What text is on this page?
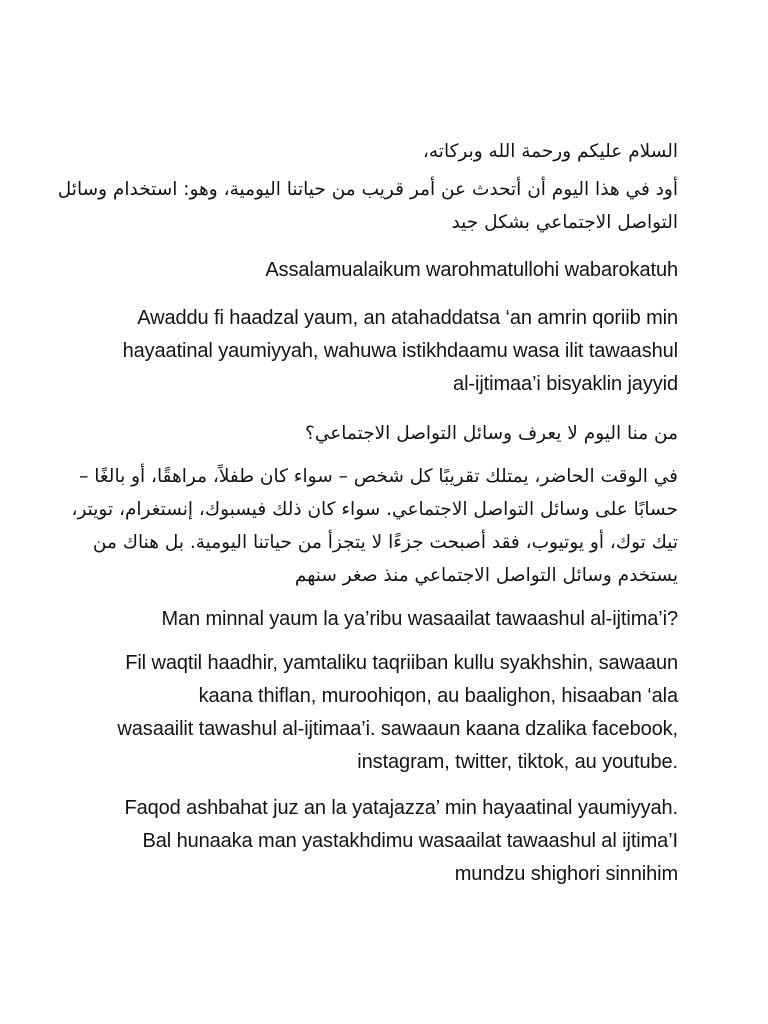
السلام عليكم ورحمة الله وبركاته،

أود في هذا اليوم أن أتحدث عن أمر قريب من حياتنا اليومية، وهو: استخدام وسائل
التواصل الاجتماعي بشكل جيد

Assalamualaikum warohmatullohi wabarokatuh

Awaddu fi haadzal yaum, an atahaddatsa ‘an amrin qoriib min
hayaatinal yaumiyyah, wahuwa istikhdaamu wasa ilit tawaashul
al-ijtimaa’i bisyaklin jayyid

من منا اليوم لا يعرف وسائل التواصل الاجتماعي؟

في الوقت الحاضر، يمتلك تقريبًا كل شخص – سواء كان طفلاً، مراهقًا، أو بالغًا –
حسابًا على وسائل التواصل الاجتماعي. سواء كان ذلك فيسبوك، إنستغرام، تويتر،
تيك توك، أو يوتيوب، فقد أصبحت جزءًا لا يتجزأ من حياتنا اليومية. بل هناك من
يستخدم وسائل التواصل الاجتماعي منذ صغر سنهم

Man minnal yaum la ya’ribu wasaailat tawaashul al-ijtima’i?

Fil waqtil haadhir, yamtaliku taqriiban kullu syakhshin, sawaaun
kaana thiflan, muroohiqon, au baalighon, hisaaban ‘ala
wasaailit tawashul al-ijtimaa’i. sawaaun kaana dzalika facebook,
instagram, twitter, tiktok, au youtube.

Faqod ashbahat juz an la yatajazza’ min hayaatinal yaumiyyah.
Bal hunaaka man yastakhdimu wasaailat tawaashul al ijtima’I
mundzu shighori sinnihim
